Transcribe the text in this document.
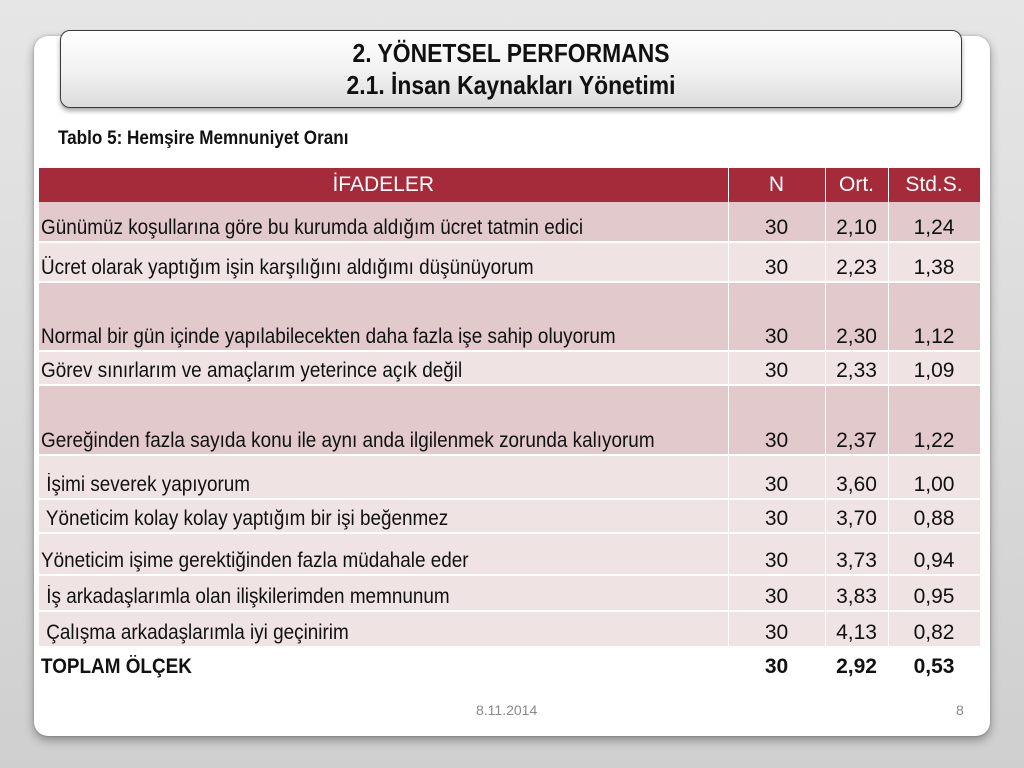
2. YÖNETSEL PERFORMANS
2.1. İnsan Kaynakları Yönetimi
Tablo 5: Hemşire Memnuniyet Oranı
İFADELER	N	Ort.	Std.S.
Günümüz koşullarına göre bu kurumda aldığım ücret tatmin edici	30	2,10	1,24
Ücret olarak yaptığım işin karşılığını aldığımı düşünüyorum	30	2,23	1,38

Normal bir gün içinde yapılabilecekten daha fazla işe sahip oluyorum	30	2,30	1,12
Görev sınırlarım ve amaçlarım yeterince açık değil	30	2,33	1,09

Gereğinden fazla sayıda konu ile aynı anda ilgilenmek zorunda kalıyorum	30	2,37	1,22
İşimi severek yapıyorum	30	3,60	1,00
Yöneticim kolay kolay yaptığım bir işi beğenmez	30	3,70	0,88
Yöneticim işime gerektiğinden fazla müdahale eder	30	3,73	0,94
İş arkadaşlarımla olan ilişkilerimden memnunum	30	3,83	0,95
Çalışma arkadaşlarımla iyi geçinirim	30	4,13	0,82
TOPLAM ÖLÇEK	30	2,92	0,53
8.11.2014	8
